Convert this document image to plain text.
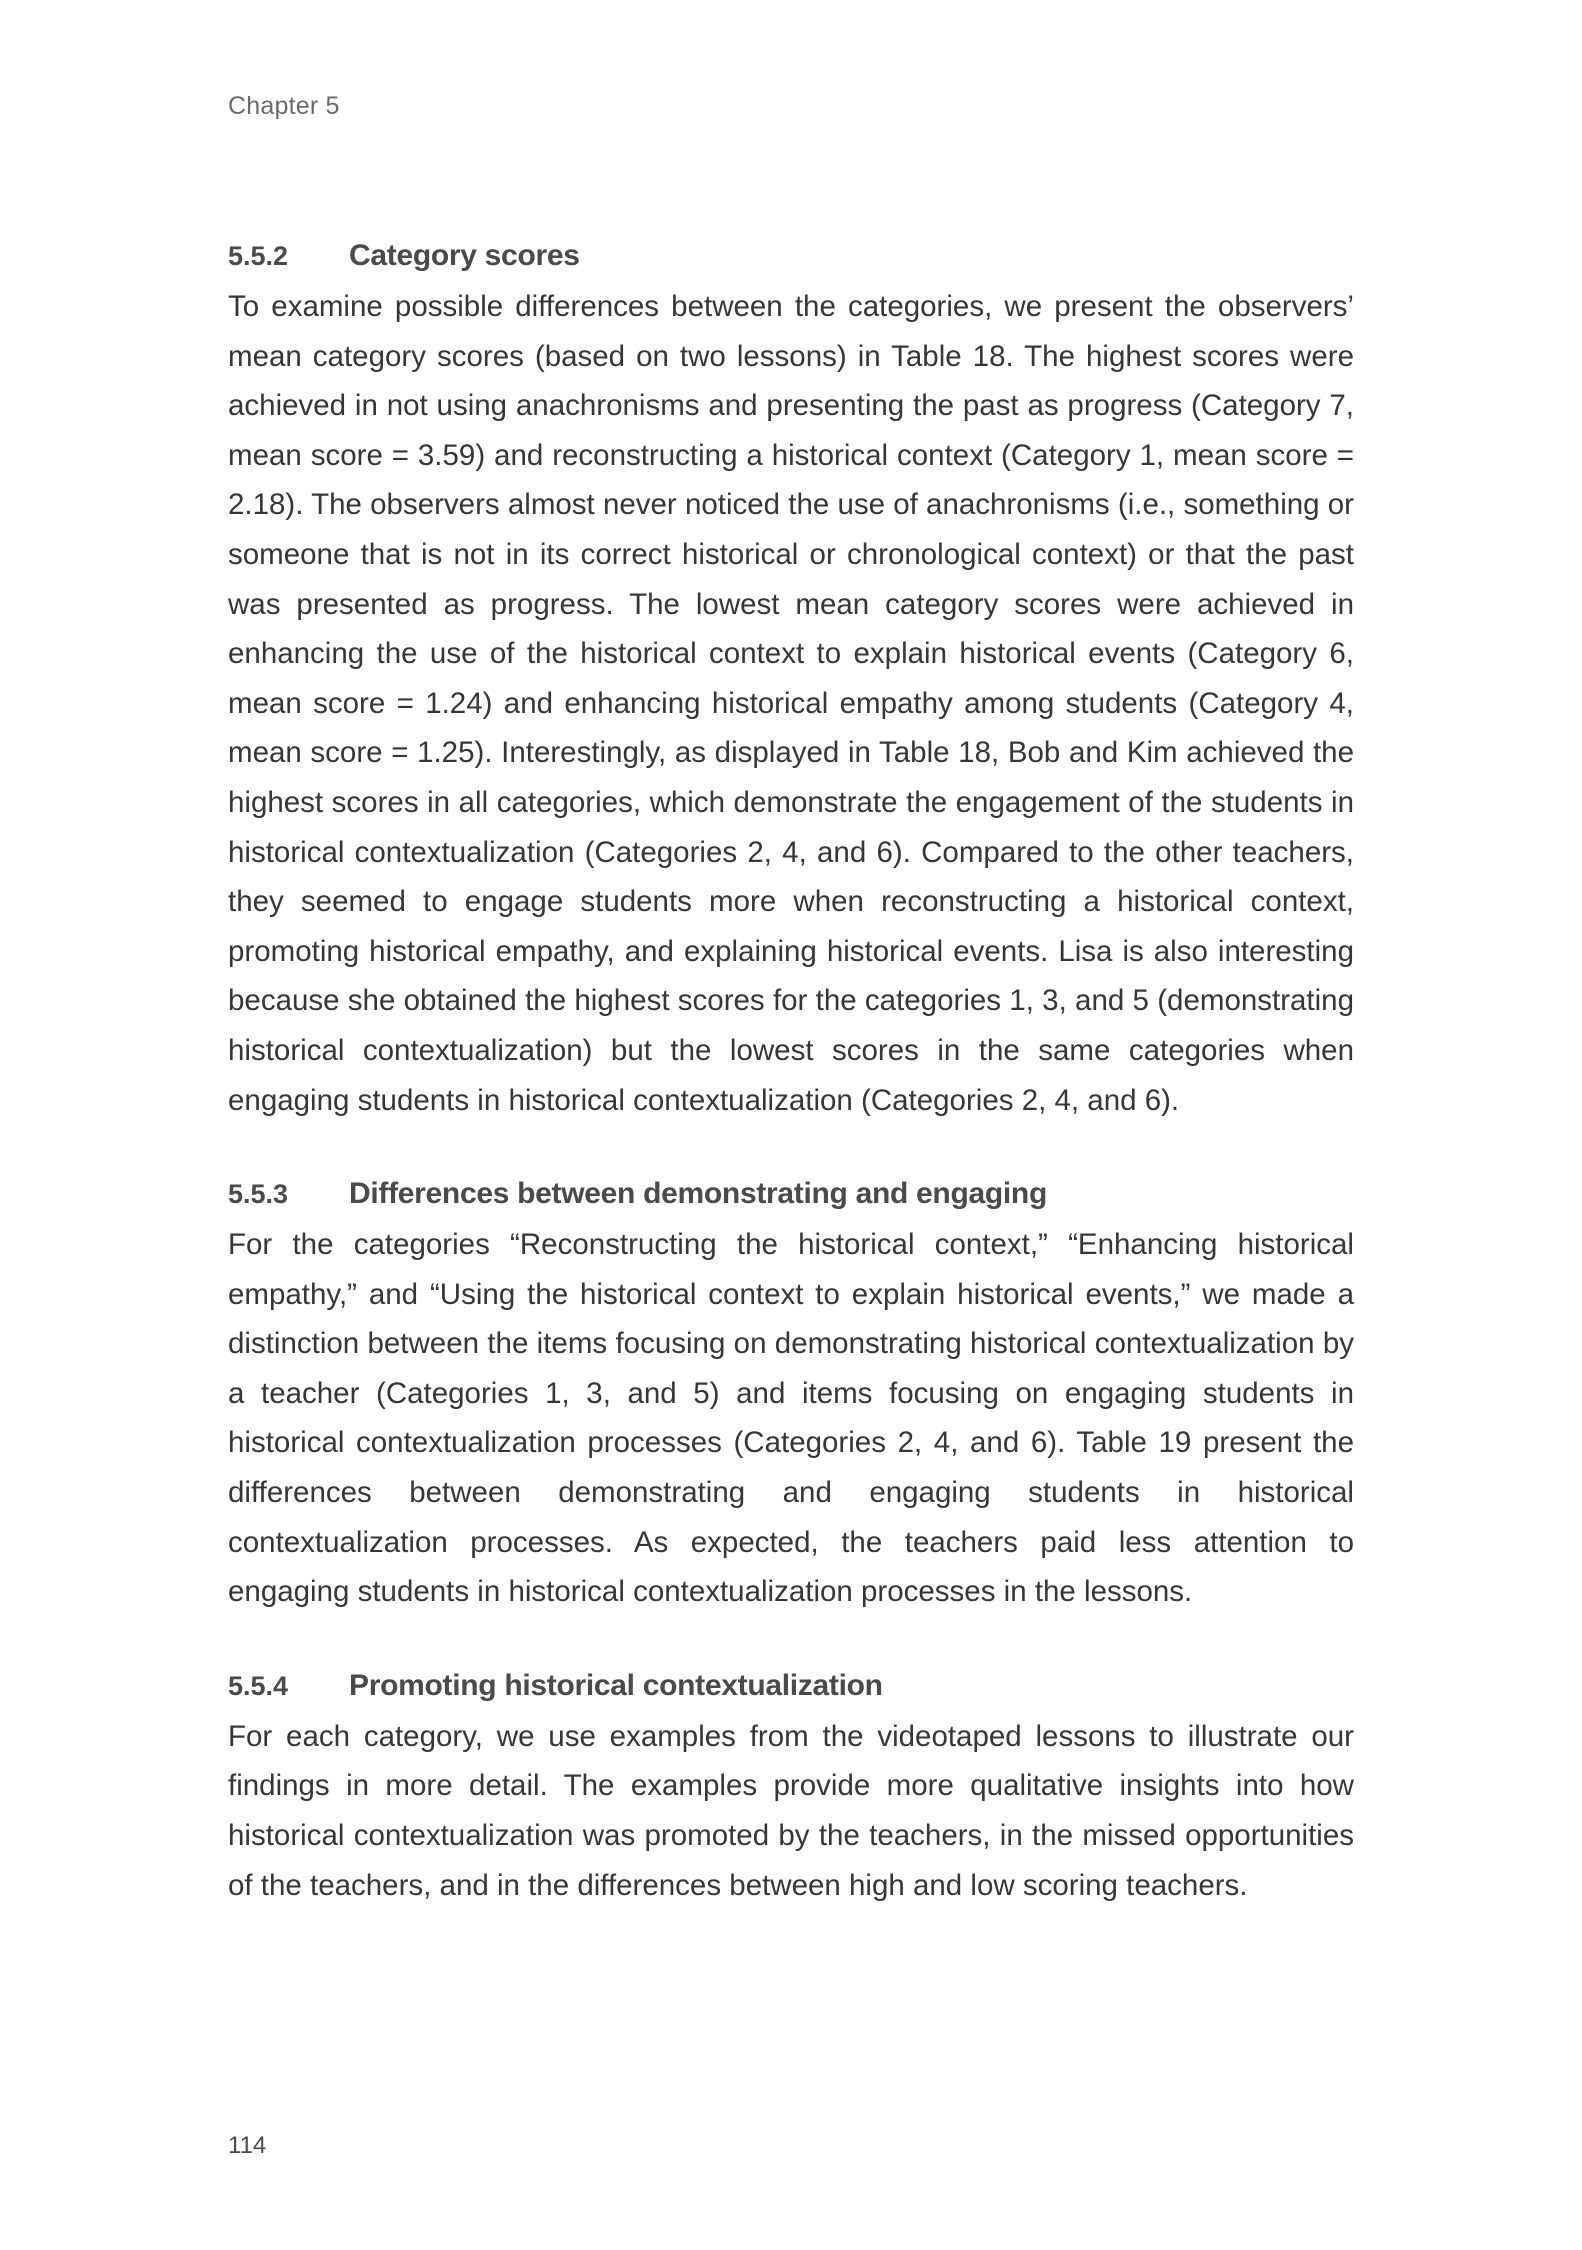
Chapter 5
5.5.2	Category scores

To examine possible differences between the categories, we present the observers’ mean category scores (based on two lessons) in Table 18. The highest scores were achieved in not using anachronisms and presenting the past as progress (Category 7, mean score = 3.59) and reconstructing a historical context (Category 1, mean score = 2.18). The observers almost never noticed the use of anachronisms (i.e., something or someone that is not in its correct historical or chronological context) or that the past was presented as progress. The lowest mean category scores were achieved in enhancing the use of the historical context to explain historical events (Category 6, mean score = 1.24) and enhancing historical empathy among students (Category 4, mean score = 1.25). Interestingly, as displayed in Table 18, Bob and Kim achieved the highest scores in all categories, which demonstrate the engagement of the students in historical contextualization (Categories 2, 4, and 6). Compared to the other teachers, they seemed to engage students more when reconstructing a historical context, promoting historical empathy, and explaining historical events. Lisa is also interesting because she obtained the highest scores for the categories 1, 3, and 5 (demonstrating historical contextualization) but the lowest scores in the same categories when engaging students in historical contextualization (Categories 2, 4, and 6).

5.5.3	Differences between demonstrating and engaging

For the categories “Reconstructing the historical context,” “Enhancing historical empathy,” and “Using the historical context to explain historical events,” we made a distinction between the items focusing on demonstrating historical contextualization by a teacher (Categories 1, 3, and 5) and items focusing on engaging students in historical contextualization processes (Categories 2, 4, and 6). Table 19 present the differences between demonstrating and engaging students in historical contextualization processes. As expected, the teachers paid less attention to engaging students in historical contextualization processes in the lessons.

5.5.4	Promoting historical contextualization

For each category, we use examples from the videotaped lessons to illustrate our findings in more detail. The examples provide more qualitative insights into how historical contextualization was promoted by the teachers, in the missed opportunities of the teachers, and in the differences between high and low scoring teachers.

114
